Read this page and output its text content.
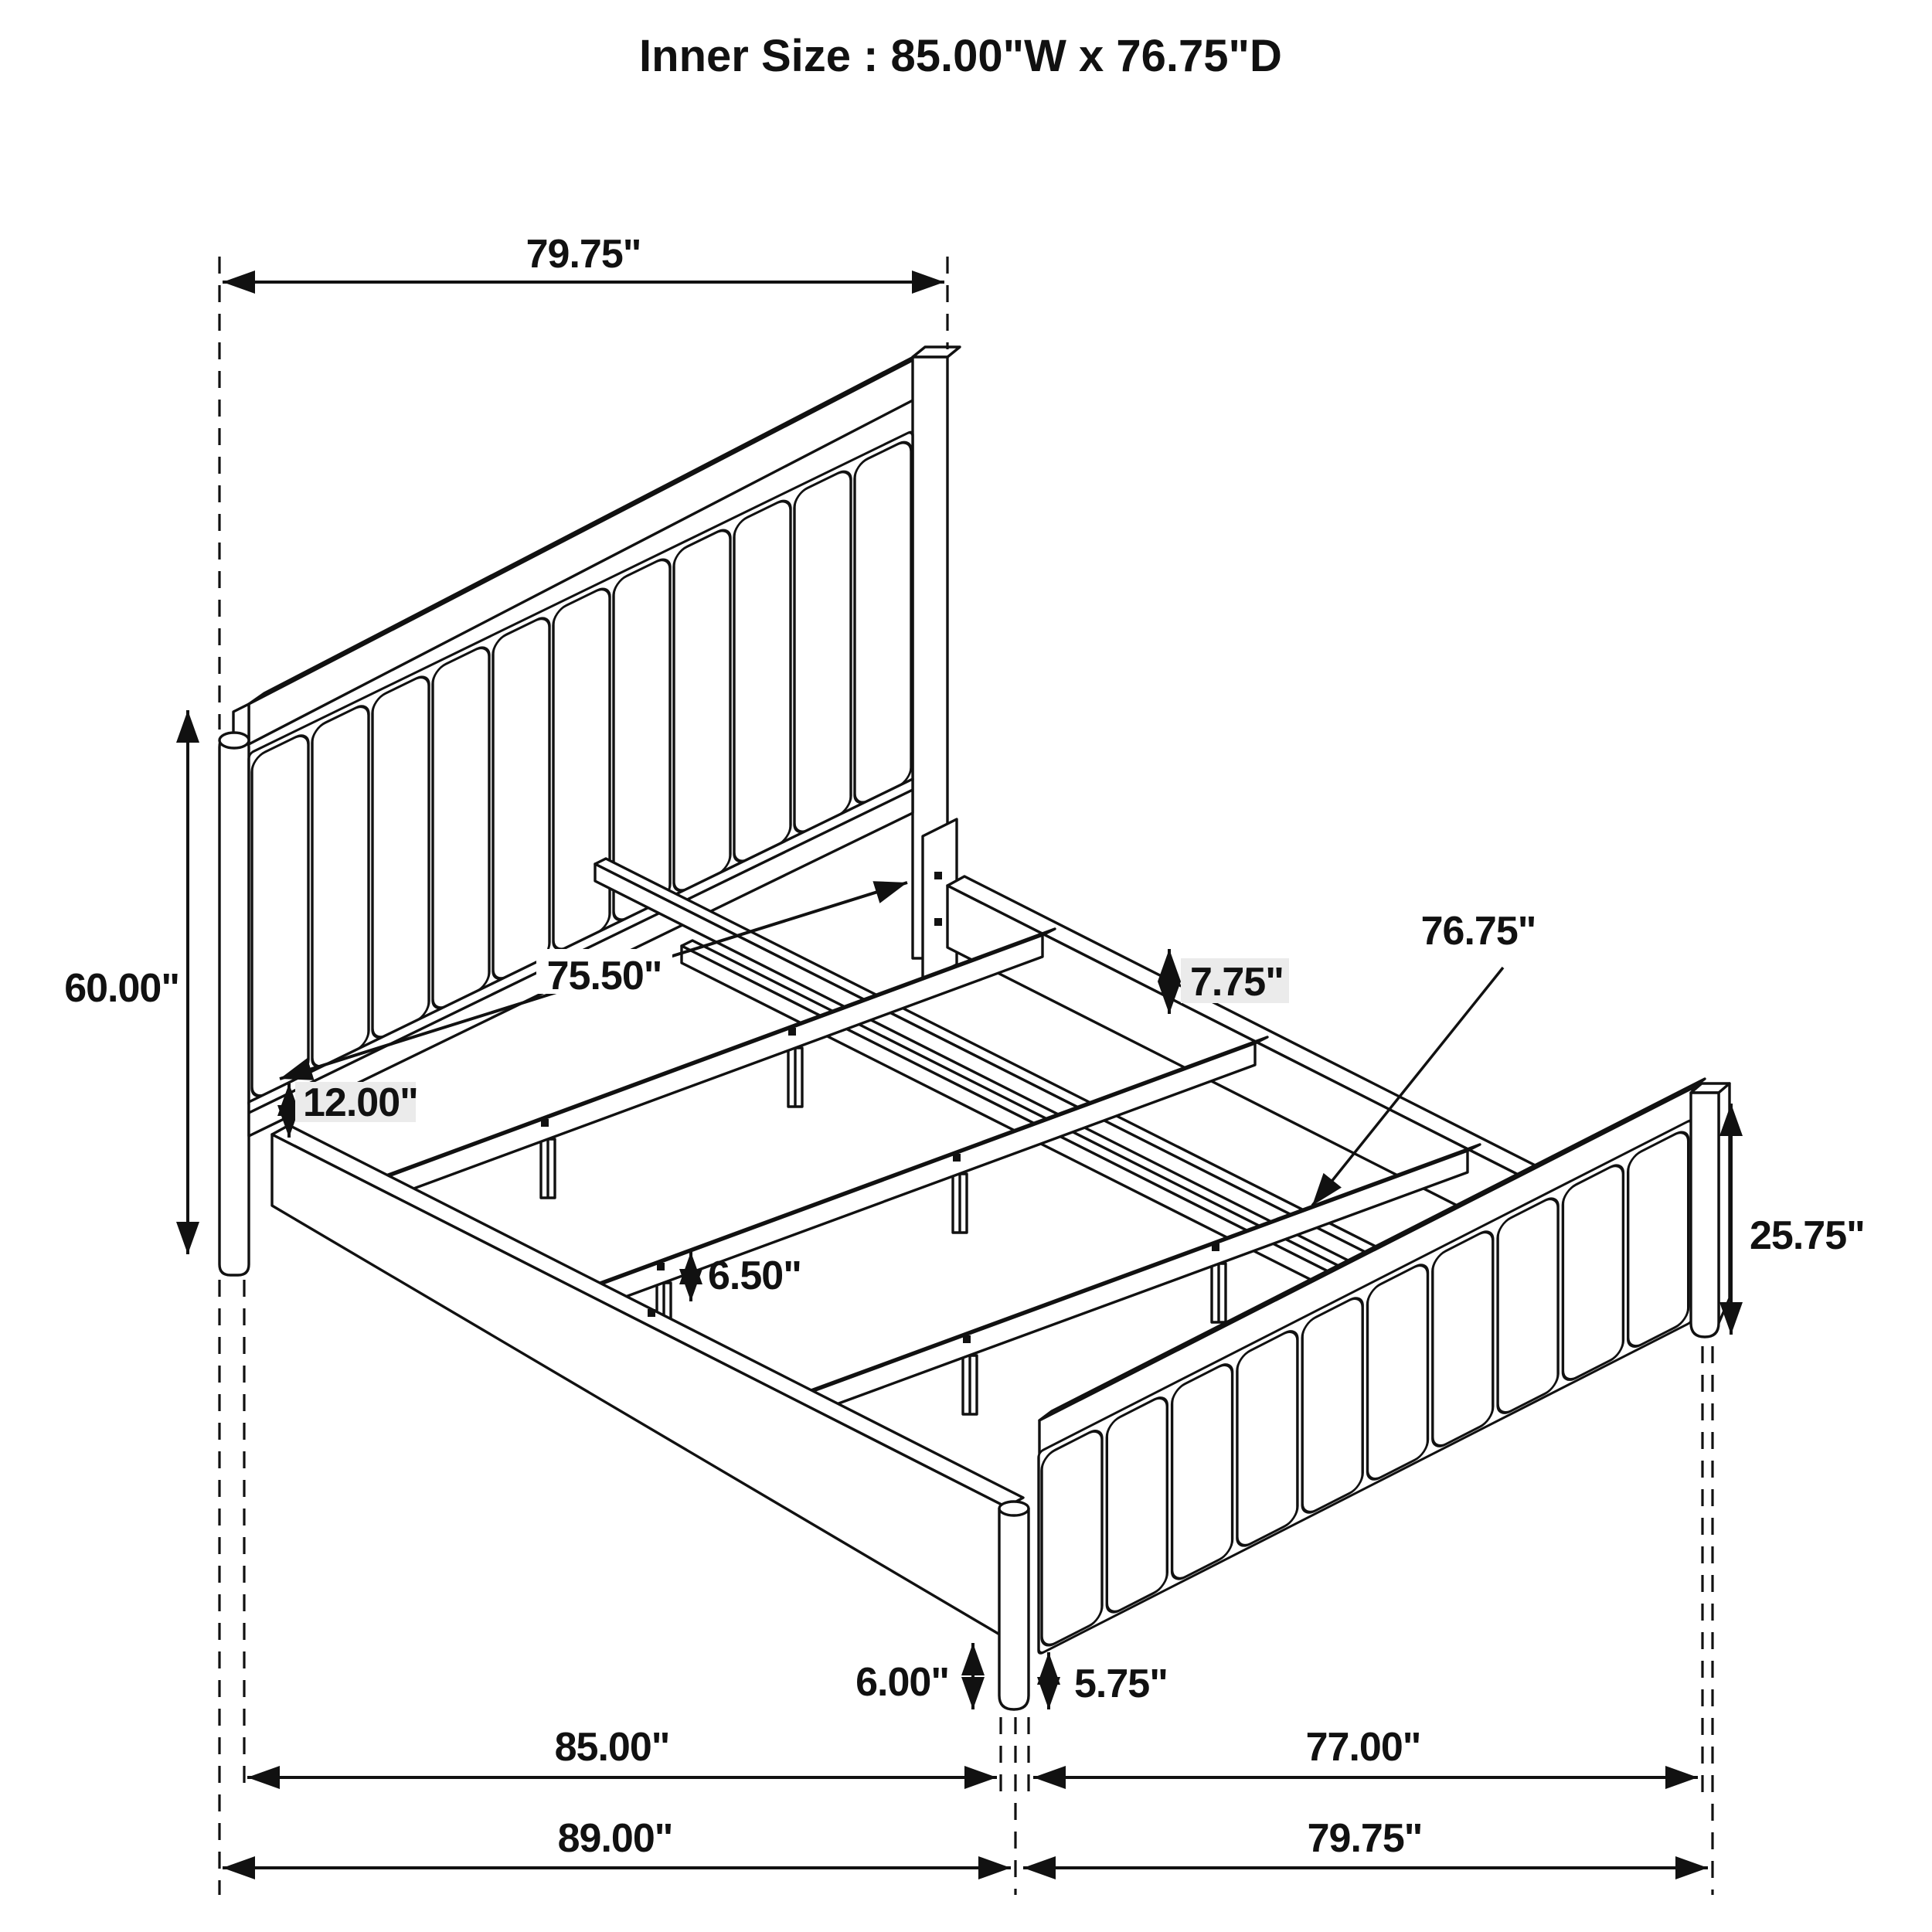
79.75"
60.00"	75.50"
12.00"
7.75"
76.75"
6.50"
25.75"
6.00"	5.75"
85.00"	77.00"
89.00"	79.75"
Inner Size : 85.00"W x 76.75"D
